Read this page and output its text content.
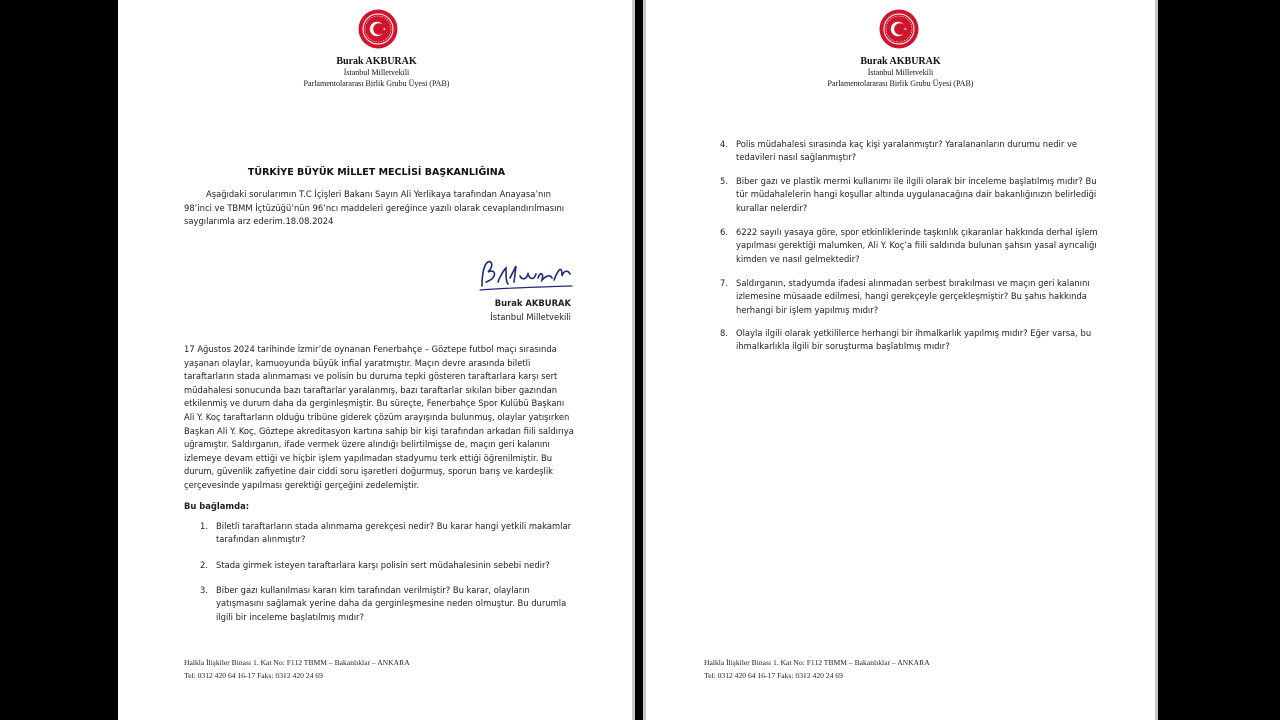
Burak AKBURAK
İstanbul Milletvekili
Parlamentolararası Birlik Grubu Üyesi (PAB)
TÜRKİYE BÜYÜK MİLLET MECLİSİ BAŞKANLIĞINA
Aşağıdaki sorularımın T.C İçişleri Bakanı Sayın Ali Yerlikaya tarafından Anayasa’nın 98’inci ve TBMM İçtüzüğü’nün 96’ncı maddeleri gereğince yazılı olarak cevaplandırılmasını saygılarımla arz ederim.18.08.2024
Burak AKBURAK
İstanbul Milletvekili
17 Ağustos 2024 tarihinde İzmir’de oynanan Fenerbahçe – Göztepe futbol maçı sırasında yaşanan olaylar, kamuoyunda büyük infial yaratmıştır. Maçın devre arasında biletli taraftarların stada alınmaması ve polisin bu duruma tepki gösteren taraftarlara karşı sert müdahalesi sonucunda bazı taraftarlar yaralanmış, bazı taraftarlar sıkılan biber gazından etkilenmiş ve durum daha da gerginleşmiştir. Bu süreçte, Fenerbahçe Spor Kulübü Başkanı Ali Y. Koç taraftarların olduğu tribüne giderek çözüm arayışında bulunmuş, olaylar yatışırken Başkan Ali Y. Koç, Göztepe akreditasyon kartına sahip bir kişi tarafından arkadan fiili saldırıya uğramıştır. Saldırganın, ifade vermek üzere alındığı belirtilmişse de, maçın geri kalanını izlemeye devam ettiği ve hiçbir işlem yapılmadan stadyumu terk ettiği öğrenilmiştir. Bu durum, güvenlik zafiyetine dair ciddi soru işaretleri doğurmuş, sporun barış ve kardeşlik çerçevesinde yapılması gerektiği gerçeğini zedelemiştir.
Bu bağlamda:
1. Biletli taraftarların stada alınmama gerekçesi nedir? Bu karar hangi yetkili makamlar tarafından alınmıştır?
2. Stada girmek isteyen taraftarlara karşı polisin sert müdahalesinin sebebi nedir?
3. Biber gazı kullanılması kararı kim tarafından verilmiştir? Bu karar, olayların yatışmasını sağlamak yerine daha da gerginleşmesine neden olmuştur. Bu durumla ilgili bir inceleme başlatılmış mıdır?
Halkla İlişkiler Binası 1. Kat No: F112 TBMM – Bakanlıklar – ANKARA
Tel: 0312 420 64 16-17 Faks: 0312 420 24 69
Burak AKBURAK
İstanbul Milletvekili
Parlamentolararası Birlik Grubu Üyesi (PAB)
4. Polis müdahalesi sırasında kaç kişi yaralanmıştır? Yaralananların durumu nedir ve tedavileri nasıl sağlanmıştır?
5. Biber gazı ve plastik mermi kullanımı ile ilgili olarak bir inceleme başlatılmış mıdır? Bu tür müdahalelerin hangi koşullar altında uygulanacağına dair bakanlığınızın belirlediği kurallar nelerdir?
6. 6222 sayılı yasaya göre, spor etkinliklerinde taşkınlık çıkaranlar hakkında derhal işlem yapılması gerektiği malumken, Ali Y. Koç’a fiili saldırıda bulunan şahsın yasal ayrıcalığı kimden ve nasıl gelmektedir?
7. Saldırganın, stadyumda ifadesi alınmadan serbest bırakılması ve maçın geri kalanını izlemesine müsaade edilmesi, hangi gerekçeyle gerçekleşmiştir? Bu şahıs hakkında herhangi bir işlem yapılmış mıdır?
8. Olayla ilgili olarak yetkililerce herhangi bir ihmalkarlık yapılmış mıdır? Eğer varsa, bu ihmalkarlıkla ilgili bir soruşturma başlatılmış mıdır?
Halkla İlişkiler Binası 1. Kat No: F112 TBMM – Bakanlıklar – ANKARA
Tel: 0312 420 64 16-17 Faks: 0312 420 24 69
